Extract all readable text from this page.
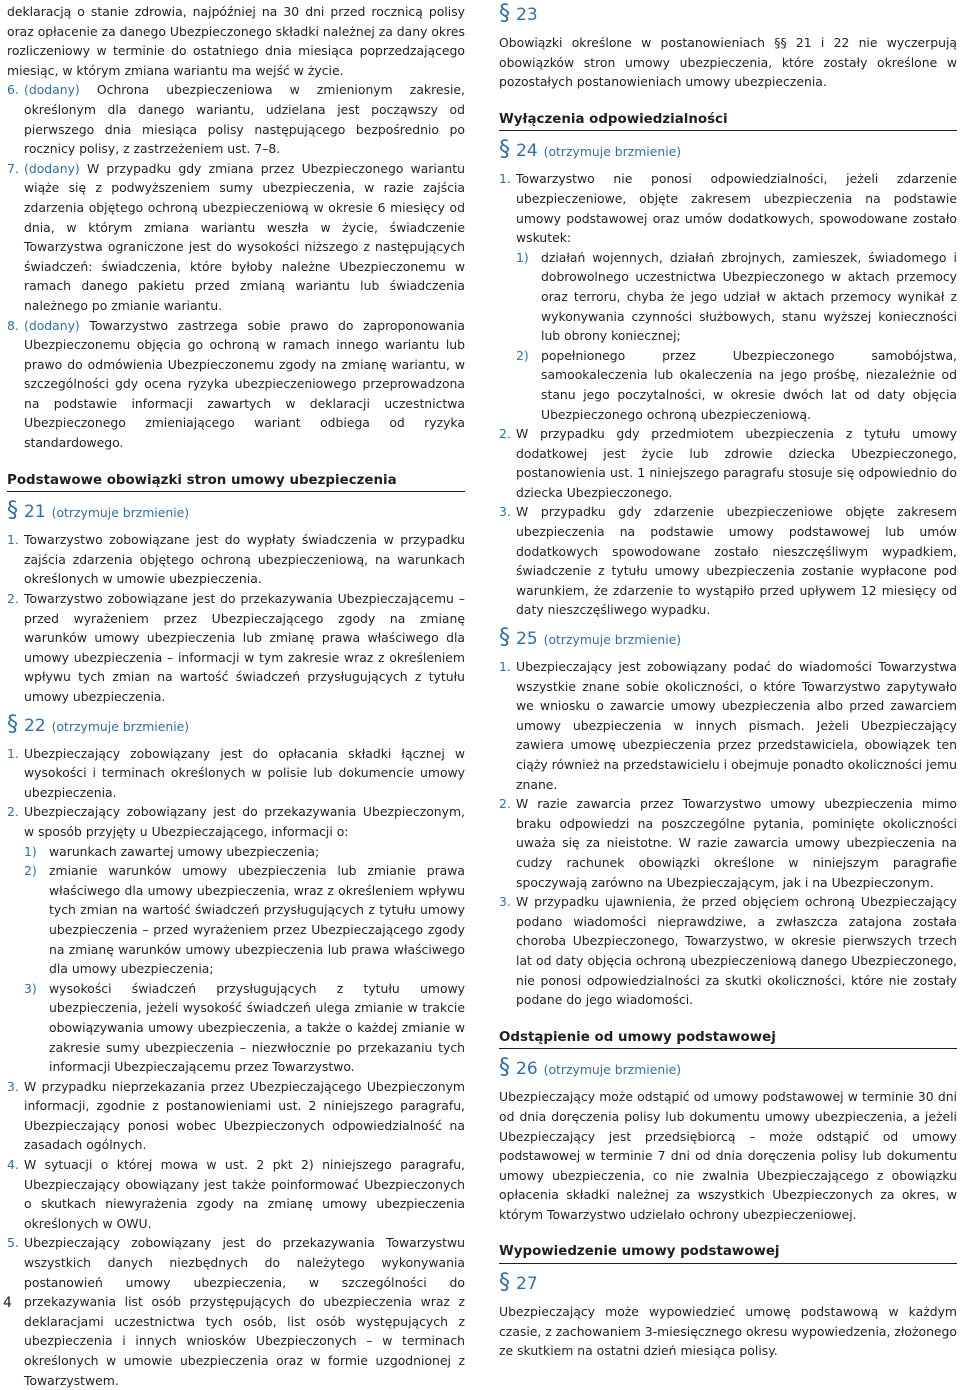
deklaracją o stanie zdrowia, najpóźniej na 30 dni przed rocznicą polisy oraz opłacenie za danego Ubezpieczonego składki należnej za dany okres rozliczeniowy w terminie do ostatniego dnia miesiąca poprzedzającego miesiąc, w którym zmiana wariantu ma wejść w życie.

6. (dodany) Ochrona ubezpieczeniowa w zmienionym zakresie, określonym dla danego wariantu, udzielana jest począwszy od pierwszego dnia miesiąca polisy następującego bezpośrednio po rocznicy polisy, z zastrzeżeniem ust. 7–8.
7. (dodany) W przypadku gdy zmiana przez Ubezpieczonego wariantu wiąże się z podwyższeniem sumy ubezpieczenia, w razie zajścia zdarzenia objętego ochroną ubezpieczeniową w okresie 6 miesięcy od dnia, w którym zmiana wariantu weszła w życie, świadczenie Towarzystwa ograniczone jest do wysokości niższego z następujących świadczeń: świadczenia, które byłoby należne Ubezpieczonemu w ramach danego pakietu przed zmianą wariantu lub świadczenia należnego po zmianie wariantu.
8. (dodany) Towarzystwo zastrzega sobie prawo do zaproponowania Ubezpieczonemu objęcia go ochroną w ramach innego wariantu lub prawo do odmówienia Ubezpieczonemu zgody na zmianę wariantu, w szczególności gdy ocena ryzyka ubezpieczeniowego przeprowadzona na podstawie informacji zawartych w deklaracji uczestnictwa Ubezpieczonego zmieniającego wariant odbiega od ryzyka standardowego.
Podstawowe obowiązki stron umowy ubezpieczenia
§ 21 (otrzymuje brzmienie)
1. Towarzystwo zobowiązane jest do wypłaty świadczenia w przypadku zajścia zdarzenia objętego ochroną ubezpieczeniową, na warunkach określonych w umowie ubezpieczenia.
2. Towarzystwo zobowiązane jest do przekazywania Ubezpieczającemu – przed wyrażeniem przez Ubezpieczającego zgody na zmianę warunków umowy ubezpieczenia lub zmianę prawa właściwego dla umowy ubezpieczenia – informacji w tym zakresie wraz z określeniem wpływu tych zmian na wartość świadczeń przysługujących z tytułu umowy ubezpieczenia.
§ 22 (otrzymuje brzmienie)
1. Ubezpieczający zobowiązany jest do opłacania składki łącznej w wysokości i terminach określonych w polisie lub dokumencie umowy ubezpieczenia.
2. Ubezpieczający zobowiązany jest do przekazywania Ubezpieczonym, w sposób przyjęty u Ubezpieczającego, informacji o:
1) warunkach zawartej umowy ubezpieczenia;
2) zmianie warunków umowy ubezpieczenia lub zmianie prawa właściwego dla umowy ubezpieczenia, wraz z określeniem wpływu tych zmian na wartość świadczeń przysługujących z tytułu umowy ubezpieczenia – przed wyrażeniem przez Ubezpieczającego zgody na zmianę warunków umowy ubezpieczenia lub prawa właściwego dla umowy ubezpieczenia;
3) wysokości świadczeń przysługujących z tytułu umowy ubezpieczenia, jeżeli wysokość świadczeń ulega zmianie w trakcie obowiązywania umowy ubezpieczenia, a także o każdej zmianie w zakresie sumy ubezpieczenia – niezwłocznie po przekazaniu tych informacji Ubezpieczającemu przez Towarzystwo.
3. W przypadku nieprzekazania przez Ubezpieczającego Ubezpieczonym informacji, zgodnie z postanowieniami ust. 2 niniejszego paragrafu, Ubezpieczający ponosi wobec Ubezpieczonych odpowiedzialność na zasadach ogólnych.
4. W sytuacji o której mowa w ust. 2 pkt 2) niniejszego paragrafu, Ubezpieczający obowiązany jest także poinformować Ubezpieczonych o skutkach niewyrażenia zgody na zmianę umowy ubezpieczenia określonych w OWU.
5. Ubezpieczający zobowiązany jest do przekazywania Towarzystwu wszystkich danych niezbędnych do należytego wykonywania postanowień umowy ubezpieczenia, w szczególności do przekazywania list osób przystępujących do ubezpieczenia wraz z deklaracjami uczestnictwa tych osób, list osób występujących z ubezpieczenia i innych wniosków Ubezpieczonych – w terminach określonych w umowie ubezpieczenia oraz w formie uzgodnionej z Towarzystwem.
§ 23

Obowiązki określone w postanowieniach §§ 21 i 22 nie wyczerpują obowiązków stron umowy ubezpieczenia, które zostały określone w pozostałych postanowieniach umowy ubezpieczenia.

Wyłączenia odpowiedzialności
§ 24 (otrzymuje brzmienie)
1. Towarzystwo nie ponosi odpowiedzialności, jeżeli zdarzenie ubezpieczeniowe, objęte zakresem ubezpieczenia na podstawie umowy podstawowej oraz umów dodatkowych, spowodowane zostało wskutek:
1) działań wojennych, działań zbrojnych, zamieszek, świadomego i dobrowolnego uczestnictwa Ubezpieczonego w aktach przemocy oraz terroru, chyba że jego udział w aktach przemocy wynikał z wykonywania czynności służbowych, stanu wyższej konieczności lub obrony koniecznej;
2) popełnionego przez Ubezpieczonego samobójstwa, samookaleczenia lub okaleczenia na jego prośbę, niezależnie od stanu jego poczytalności, w okresie dwóch lat od daty objęcia Ubezpieczonego ochroną ubezpieczeniową.
2. W przypadku gdy przedmiotem ubezpieczenia z tytułu umowy dodatkowej jest życie lub zdrowie dziecka Ubezpieczonego, postanowienia ust. 1 niniejszego paragrafu stosuje się odpowiednio do dziecka Ubezpieczonego.
3. W przypadku gdy zdarzenie ubezpieczeniowe objęte zakresem ubezpieczenia na podstawie umowy podstawowej lub umów dodatkowych spowodowane zostało nieszczęśliwym wypadkiem, świadczenie z tytułu umowy ubezpieczenia zostanie wypłacone pod warunkiem, że zdarzenie to wystąpiło przed upływem 12 miesięcy od daty nieszczęśliwego wypadku.
§ 25 (otrzymuje brzmienie)
1. Ubezpieczający jest zobowiązany podać do wiadomości Towarzystwa wszystkie znane sobie okoliczności, o które Towarzystwo zapytywało we wniosku o zawarcie umowy ubezpieczenia albo przed zawarciem umowy ubezpieczenia w innych pismach. Jeżeli Ubezpieczający zawiera umowę ubezpieczenia przez przedstawiciela, obowiązek ten ciąży również na przedstawicielu i obejmuje ponadto okoliczności jemu znane.
2. W razie zawarcia przez Towarzystwo umowy ubezpieczenia mimo braku odpowiedzi na poszczególne pytania, pominięte okoliczności uważa się za nieistotne. W razie zawarcia umowy ubezpieczenia na cudzy rachunek obowiązki określone w niniejszym paragrafie spoczywają zarówno na Ubezpieczającym, jak i na Ubezpieczonym.
3. W przypadku ujawnienia, że przed objęciem ochroną Ubezpieczający podano wiadomości nieprawdziwe, a zwłaszcza zatajona została choroba Ubezpieczonego, Towarzystwo, w okresie pierwszych trzech lat od daty objęcia ochroną ubezpieczeniową danego Ubezpieczonego, nie ponosi odpowiedzialności za skutki okoliczności, które nie zostały podane do jego wiadomości.
Odstąpienie od umowy podstawowej
§ 26 (otrzymuje brzmienie)

Ubezpieczający może odstąpić od umowy podstawowej w terminie 30 dni od dnia doręczenia polisy lub dokumentu umowy ubezpieczenia, a jeżeli Ubezpieczający jest przedsiębiorcą – może odstąpić od umowy podstawowej w terminie 7 dni od dnia doręczenia polisy lub dokumentu umowy ubezpieczenia, co nie zwalnia Ubezpieczającego z obowiązku opłacenia składki należnej za wszystkich Ubezpieczonych za okres, w którym Towarzystwo udzielało ochrony ubezpieczeniowej.

Wypowiedzenie umowy podstawowej
§ 27

Ubezpieczający może wypowiedzieć umowę podstawową w każdym czasie, z zachowaniem 3-miesięcznego okresu wypowiedzenia, złożonego ze skutkiem na ostatni dzień miesiąca polisy.

4
